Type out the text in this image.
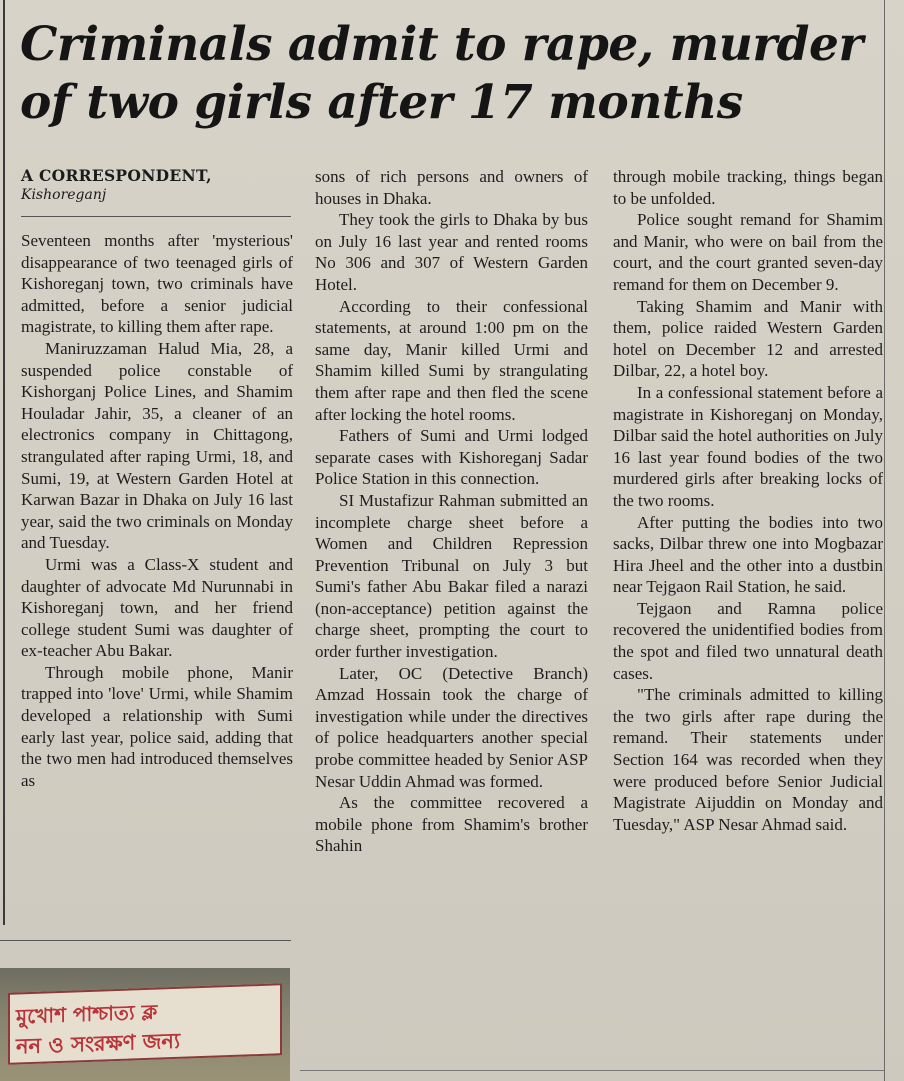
Criminals admit to rape, murder of two girls after 17 months
A CORRESPONDENT,
Kishoreganj

Seventeen months after 'mysterious' disappearance of two teenaged girls of Kishoreganj town, two criminals have admitted, before a senior judicial magistrate, to killing them after rape.

Maniruzzaman Halud Mia, 28, a suspended police constable of Kishorganj Police Lines, and Shamim Houladar Jahir, 35, a cleaner of an electronics company in Chittagong, strangulated after raping Urmi, 18, and Sumi, 19, at Western Garden Hotel at Karwan Bazar in Dhaka on July 16 last year, said the two criminals on Monday and Tuesday.

Urmi was a Class-X student and daughter of advocate Md Nurunnabi in Kishoreganj town, and her friend college student Sumi was daughter of ex-teacher Abu Bakar.

Through mobile phone, Manir trapped into 'love' Urmi, while Shamim developed a relationship with Sumi early last year, police said, adding that the two men had introduced themselves as

মুখোশ পাশ্চাত্য ক্ল
নন ও সংরক্ষণ জন্য

sons of rich persons and owners of houses in Dhaka.

They took the girls to Dhaka by bus on July 16 last year and rented rooms No 306 and 307 of Western Garden Hotel.

According to their confessional statements, at around 1:00 pm on the same day, Manir killed Urmi and Shamim killed Sumi by strangulating them after rape and then fled the scene after locking the hotel rooms.

Fathers of Sumi and Urmi lodged separate cases with Kishoreganj Sadar Police Station in this connection.

SI Mustafizur Rahman submitted an incomplete charge sheet before a Women and Children Repression Prevention Tribunal on July 3 but Sumi's father Abu Bakar filed a narazi (non-acceptance) petition against the charge sheet, prompting the court to order further investigation.

Later, OC (Detective Branch) Amzad Hossain took the charge of investigation while under the directives of police headquarters another special probe committee headed by Senior ASP Nesar Uddin Ahmad was formed.

As the committee recovered a mobile phone from Shamim's brother Shahin

through mobile tracking, things began to be unfolded.

Police sought remand for Shamim and Manir, who were on bail from the court, and the court granted seven-day remand for them on December 9.

Taking Shamim and Manir with them, police raided Western Garden hotel on December 12 and arrested Dilbar, 22, a hotel boy.

In a confessional statement before a magistrate in Kishoreganj on Monday, Dilbar said the hotel authorities on July 16 last year found bodies of the two murdered girls after breaking locks of the two rooms.

After putting the bodies into two sacks, Dilbar threw one into Mogbazar Hira Jheel and the other into a dustbin near Tejgaon Rail Station, he said.

Tejgaon and Ramna police recovered the unidentified bodies from the spot and filed two unnatural death cases.

"The criminals admitted to killing the two girls after rape during the remand. Their statements under Section 164 was recorded when they were produced before Senior Judicial Magistrate Aijuddin on Monday and Tuesday," ASP Nesar Ahmad said.
